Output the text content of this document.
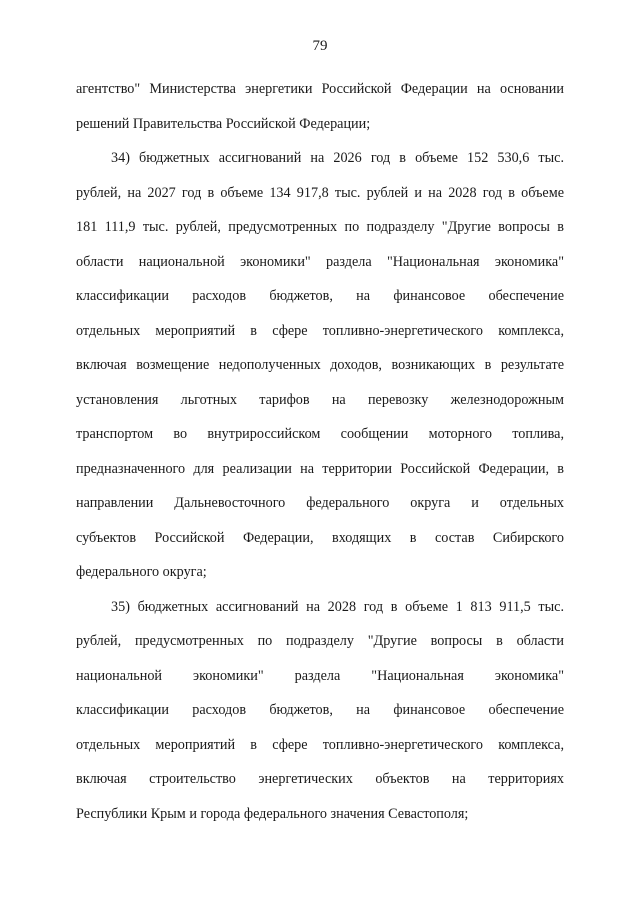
79
агентство" Министерства энергетики Российской Федерации на основании
решений Правительства Российской Федерации;
34) бюджетных ассигнований на 2026 год в объеме 152 530,6 тыс.
рублей, на 2027 год в объеме 134 917,8 тыс. рублей и на 2028 год в объеме
181 111,9 тыс. рублей, предусмотренных по подразделу "Другие вопросы в
области национальной экономики" раздела "Национальная экономика"
классификации расходов бюджетов, на финансовое обеспечение
отдельных мероприятий в сфере топливно-энергетического комплекса,
включая возмещение недополученных доходов, возникающих в результате
установления льготных тарифов на перевозку железнодорожным
транспортом во внутрироссийском сообщении моторного топлива,
предназначенного для реализации на территории Российской Федерации, в
направлении Дальневосточного федерального округа и отдельных
субъектов Российской Федерации, входящих в состав Сибирского
федерального округа;
35) бюджетных ассигнований на 2028 год в объеме 1 813 911,5 тыс.
рублей, предусмотренных по подразделу "Другие вопросы в области
национальной экономики" раздела "Национальная экономика"
классификации расходов бюджетов, на финансовое обеспечение
отдельных мероприятий в сфере топливно-энергетического комплекса,
включая строительство энергетических объектов на территориях
Республики Крым и города федерального значения Севастополя;
